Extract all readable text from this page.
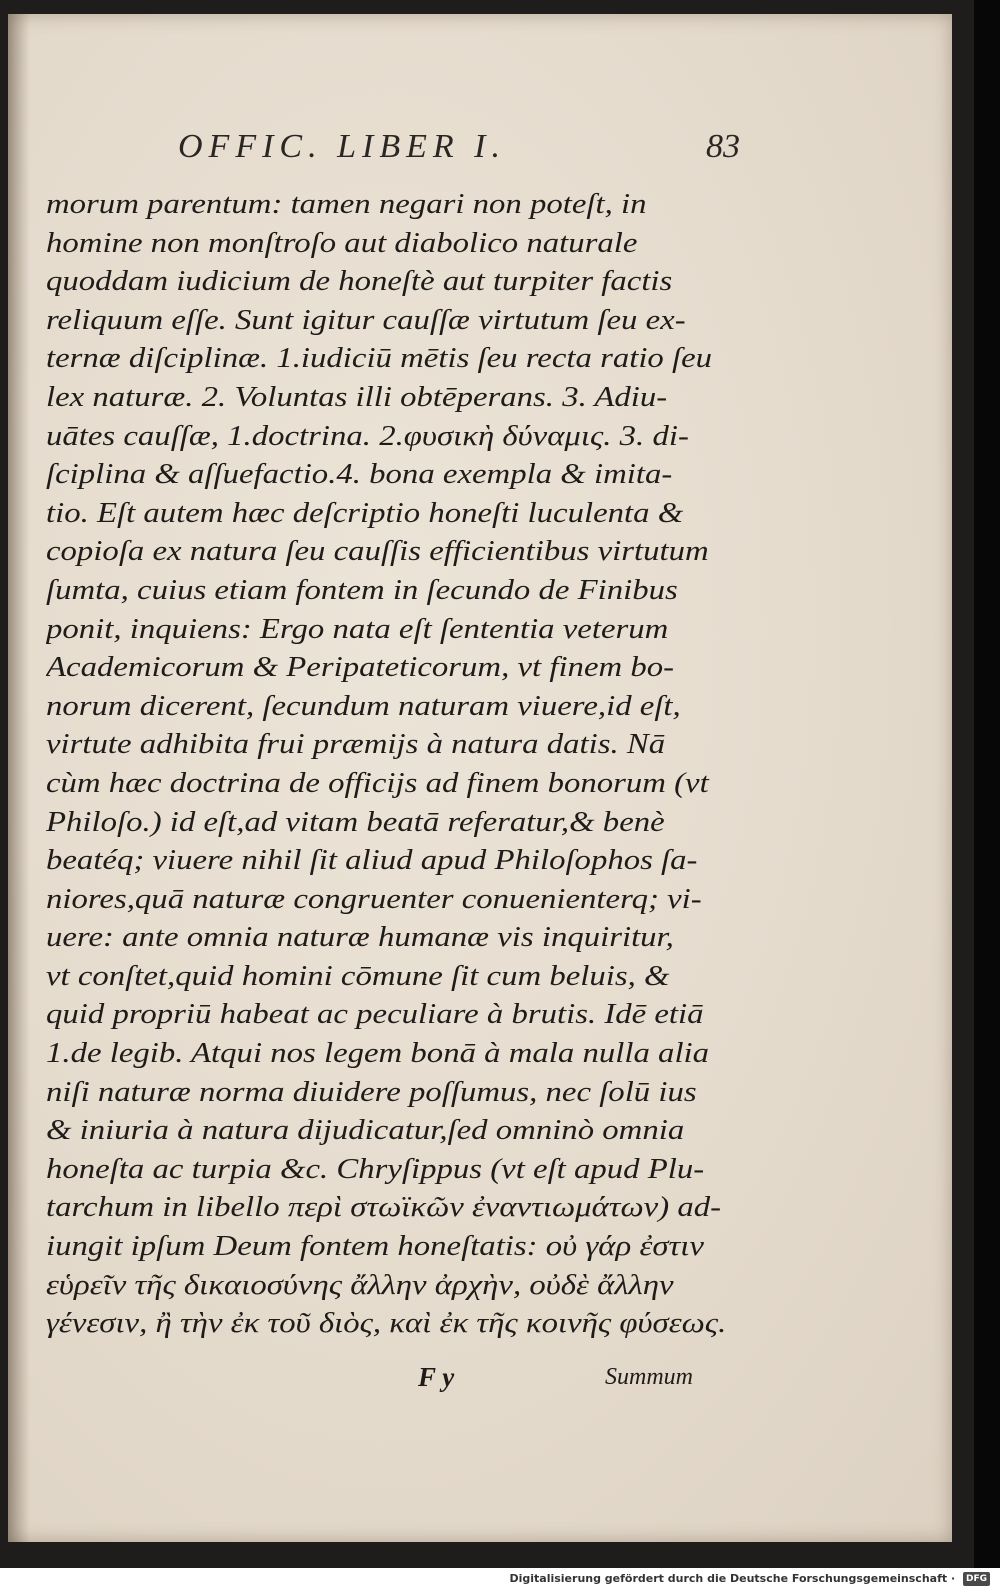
OFFIC. LIBER I.	83
morum parentum: tamen negari non poteſt, in
homine non monſtroſo aut diabolico naturale
quoddam iudicium de honeſtè aut turpiter factis
reliquum eſſe. Sunt igitur cauſſæ virtutum ſeu ex-
ternæ diſciplinæ. 1.iudiciū mētis ſeu recta ratio ſeu
lex naturæ. 2. Voluntas illi obtēperans. 3. Adiu-
uātes cauſſæ, 1.doctrina. 2.φυσικὴ δύναμις. 3. di-
ſciplina & aſſuefactio.4. bona exempla & imita-
tio. Eſt autem hæc deſcriptio honeſti luculenta &
copioſa ex natura ſeu cauſſis efficientibus virtutum
ſumta, cuius etiam fontem in ſecundo de Finibus
ponit, inquiens: Ergo nata eſt ſententia veterum
Academicorum & Peripateticorum, vt finem bo-
norum dicerent, ſecundum naturam viuere,id eſt,
virtute adhibita frui præmijs à natura datis. Nā
cùm hæc doctrina de officijs ad finem bonorum (vt
Philoſo.) id eſt,ad vitam beatā referatur,& benè
beatéq; viuere nihil ſit aliud apud Philoſophos ſa-
niores,quā naturæ congruenter conuenienterq; vi-
uere: ante omnia naturæ humanæ vis inquiritur,
vt conſtet,quid homini cōmune ſit cum beluis, &
quid propriū habeat ac peculiare à brutis. Idē etiā
1.de legib. Atqui nos legem bonā à mala nulla alia
niſi naturæ norma diuidere poſſumus, nec ſolū ius
& iniuria à natura dijudicatur,ſed omninò omnia
honeſta ac turpia &c. Chryſippus (vt eſt apud Plu-
tarchum in libello περὶ στωϊκῶν ἐναντιωμάτων) ad-
iungit ipſum Deum fontem honeſtatis: οὐ γάρ ἐστιν
εὑρεῖν τῆς δικαιοσύνης ἄλλην ἀρχὴν, οὐδὲ ἄλλην
γένεσιν, ἢ τὴν ἐκ τοῦ διὸς, καὶ ἐκ τῆς κοινῆς φύσεως.
F y	Summum
Digitalisierung gefördert durch die Deutsche Forschungsgemeinschaft · DFG
